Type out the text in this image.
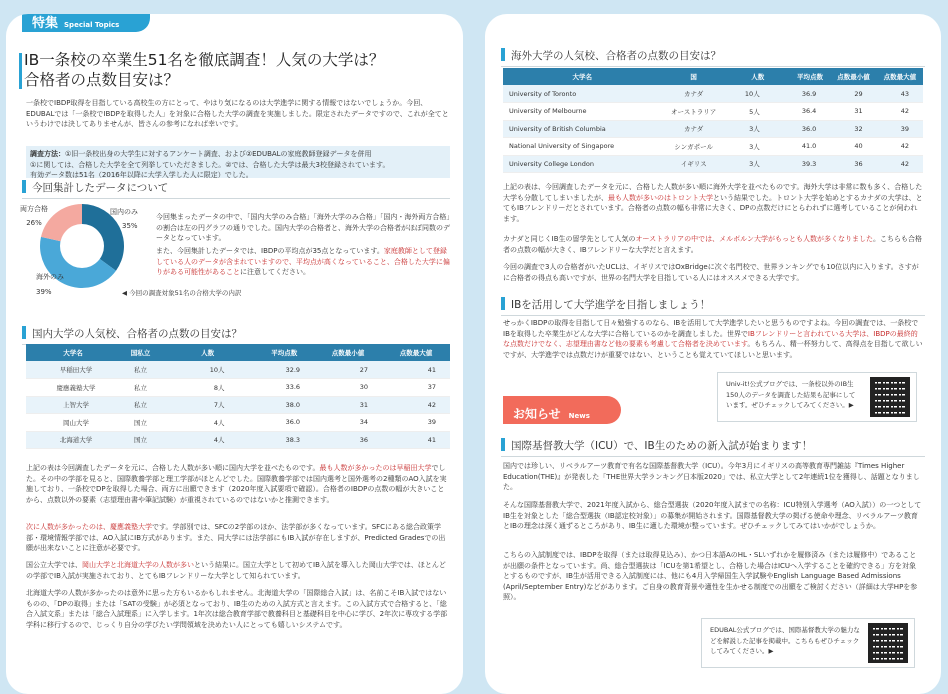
特集 Special Topics
IB一条校の卒業生51名を徹底調査！人気の大学は？
合格者の点数目安は？

一条校でIBDP取得を目指している高校生の方にとって、やはり気になるのは大学進学に関する情報ではないでしょうか。今回、EDUBALでは「一条校でIBDPを取得した人」を対象に合格した大学の調査を実施しました。限定されたデータですので、これが全てというわけでは決してありませんが、皆さんの参考になれば幸いです。

調査方法：①旧一条校出身の大学生に対するアンケート調査、および②EDUBALの家庭教師登録データを併用

①に関しては、合格した大学を全て列挙していただきました。②では、合格した大学は最大3校登録されています。

有効データ数は51名（2016年以降に大学入学した人に限定）でした。

今回集計したデータについて
両方合格
26%
国内のみ
35%
海外のみ
39%	◀ 今回の調査対象51名の合格大学の内訳

今回集まったデータの中で、「国内大学のみ合格」「海外大学のみ合格」「国内・海外両方合格」の割合は左の円グラフの通りでした。国内大学の合格者と、海外大学の合格者がほぼ同数のデータとなっています。

また、今回集計したデータでは、IBDPの平均点が35点となっています。家庭教師として登録している人のデータが含まれていますので、平均点が高くなっていること、合格した大学に偏りがある可能性があることに注意してください。

国内大学の人気校、合格者の点数の目安は？
大学名	国私立	人数	平均点数	点数最小値	点数最大値
早稲田大学	私立	10人	32.9	27	41
慶應義塾大学	私立	8人	33.6	30	37
上智大学	私立	7人	38.0	31	42
岡山大学	国立	4人	36.0	34	39
北海道大学	国立	4人	38.3	36	41

上記の表は今回調査したデータを元に、合格した人数が多い順に国内大学を並べたものです。最も人数が多かったのは早稲田大学でした。その中の学部を見ると、国際教養学部と理工学部がほとんどでした。国際教養学部では国内選考と国外選考の2種類のAO入試を実施しており、一条校でDPを取得した場合、両方に出願できます（2020年度入試要項で確認）。合格者のIBDPの点数の幅が大きいことから、点数以外の要素（志望理由書や筆記試験）が重視されているのではないかと推測できます。

次に人数が多かったのは、慶應義塾大学です。学部別では、SFCの2学部のほか、法学部が多くなっています。SFCにある総合政策学部・環境情報学部では、AO入試にIB方式があります。また、同大学には法学部にもIB入試が存在しますが、Predicted Gradesでの出願が出来ないことに注意が必要です。

国公立大学では、岡山大学と北海道大学の人数が多いという結果に。国立大学として初めてIB入試を導入した岡山大学では、ほとんどの学部でIB入試が実施されており、とてもIBフレンドリーな大学として知られています。

北海道大学の人数が多かったのは意外に思った方もいるかもしれません。北海道大学の「国際総合入試」は、名前こそIB入試ではないものの、「DPの取得」または「SATの受験」が必須となっており、IB生のための入試方式と言えます。この入試方式で合格すると、「総合入試文系」または「総合入試理系」に入学します。1年次は総合教育学部で教養科目と基礎科目を中心に学び、2年次に専攻する学部学科に移行するので、じっくり自分の学びたい学問領域を決めたい人にとっても嬉しいシステムです。

海外大学の人気校、合格者の点数の目安は？
大学名	国	人数	平均点数	点数最小値	点数最大値
University of Toronto	カナダ	10人	36.9	29	43
University of Melbourne	オーストラリア	5人	36.4	31	42
University of British Columbia	カナダ	3人	36.0	32	39
National University of Singapore	シンガポール	3人	41.0	40	42
University College London	イギリス	3人	39.3	36	42

上記の表は、今回調査したデータを元に、合格した人数が多い順に海外大学を並べたものです。海外大学は非常に数も多く、合格した大学も分散してしまいましたが、最も人数が多いのはトロント大学という結果でした。トロント大学を始めとするカナダの大学は、とてもIBフレンドリーだとされています。合格者の点数の幅も非常に大きく、DPの点数だけにとらわれずに選考していることが伺われます。

カナダと同じくIB生の留学先として人気のオーストラリアの中では、メルボルン大学がもっとも人数が多くなりました。こちらも合格者の点数の幅が大きく、IBフレンドリーな大学だと言えます。

今回の調査で3人の合格者がいたUCLは、イギリスではOxBridgeに次ぐ名門校で、世界ランキングでも10位以内に入ります。さすがに合格者の得点も高いですが、世界の名門大学を目指している人にはオススメできる大学です。

IBを活用して大学進学を目指しましょう！

せっかくIBDPの取得を目指して日々勉強するのなら、IBを活用して大学進学したいと思うものですよね。今回の調査では、一条校でIBを取得した卒業生がどんな大学に合格しているのかを調査しました。世界でIBフレンドリーと言われている大学は、IBDPの最終的な点数だけでなく、志望理由書など他の要素も考慮して合格者を決めています。もちろん、精一杯努力して、高得点を目指して欲しいですが、大学進学では点数だけが重要ではない、ということも覚えていてほしいと思います。

Univ-it!公式ブログでは、一条校以外のIB生150人のデータを調査した結果も記事にしています。ぜひチェックしてみてください。▶

お知らせ News
国際基督教大学（ICU）で、IB生のための新入試が始まります！

国内では珍しい、リベラルアーツ教育で有名な国際基督教大学（ICU）。今年3月にイギリスの高等教育専門雑誌『Times Higher Education(THE)』が発表した「THE世界大学ランキング日本版2020」では、私立大学として2年連続1位を獲得し、話題となりました。

そんな国際基督教大学で、2021年度入試から、総合型選抜（2020年度入試までの名称：ICU特別入学選考（AO入試））の一つとしてIB生を対象とした「総合型選抜（IB認定校対象）」の募集が開始されます。国際基督教大学の掲げる使命や理念、リベラルアーツ教育とIBの理念は深く通ずるところがあり、IB生に適した環境が整っています。ぜひチェックしてみてはいかがでしょうか。

こちらの入試制度では、IBDPを取得（または取得見込み）、かつ日本語AのHL・SLいずれかを履修済み（または履修中）であることが出願の条件となっています。尚、総合型選抜は「ICUを第1希望とし、合格した場合はICUへ入学することを確約できる」方を対象とするものですが、IB生が活用できる入試制度には、他にも4月入学帰国生入学試験やEnglish Language Based Admissions (April/September Entry)などがあります。ご自身の教育背景や適性を生かせる制度での出願をご検討ください（詳細は大学HPを参照）。

EDUBAL公式ブログでは、国際基督教大学の魅力などを解説した記事を掲載中。こちらもぜひチェックしてみてください。▶
